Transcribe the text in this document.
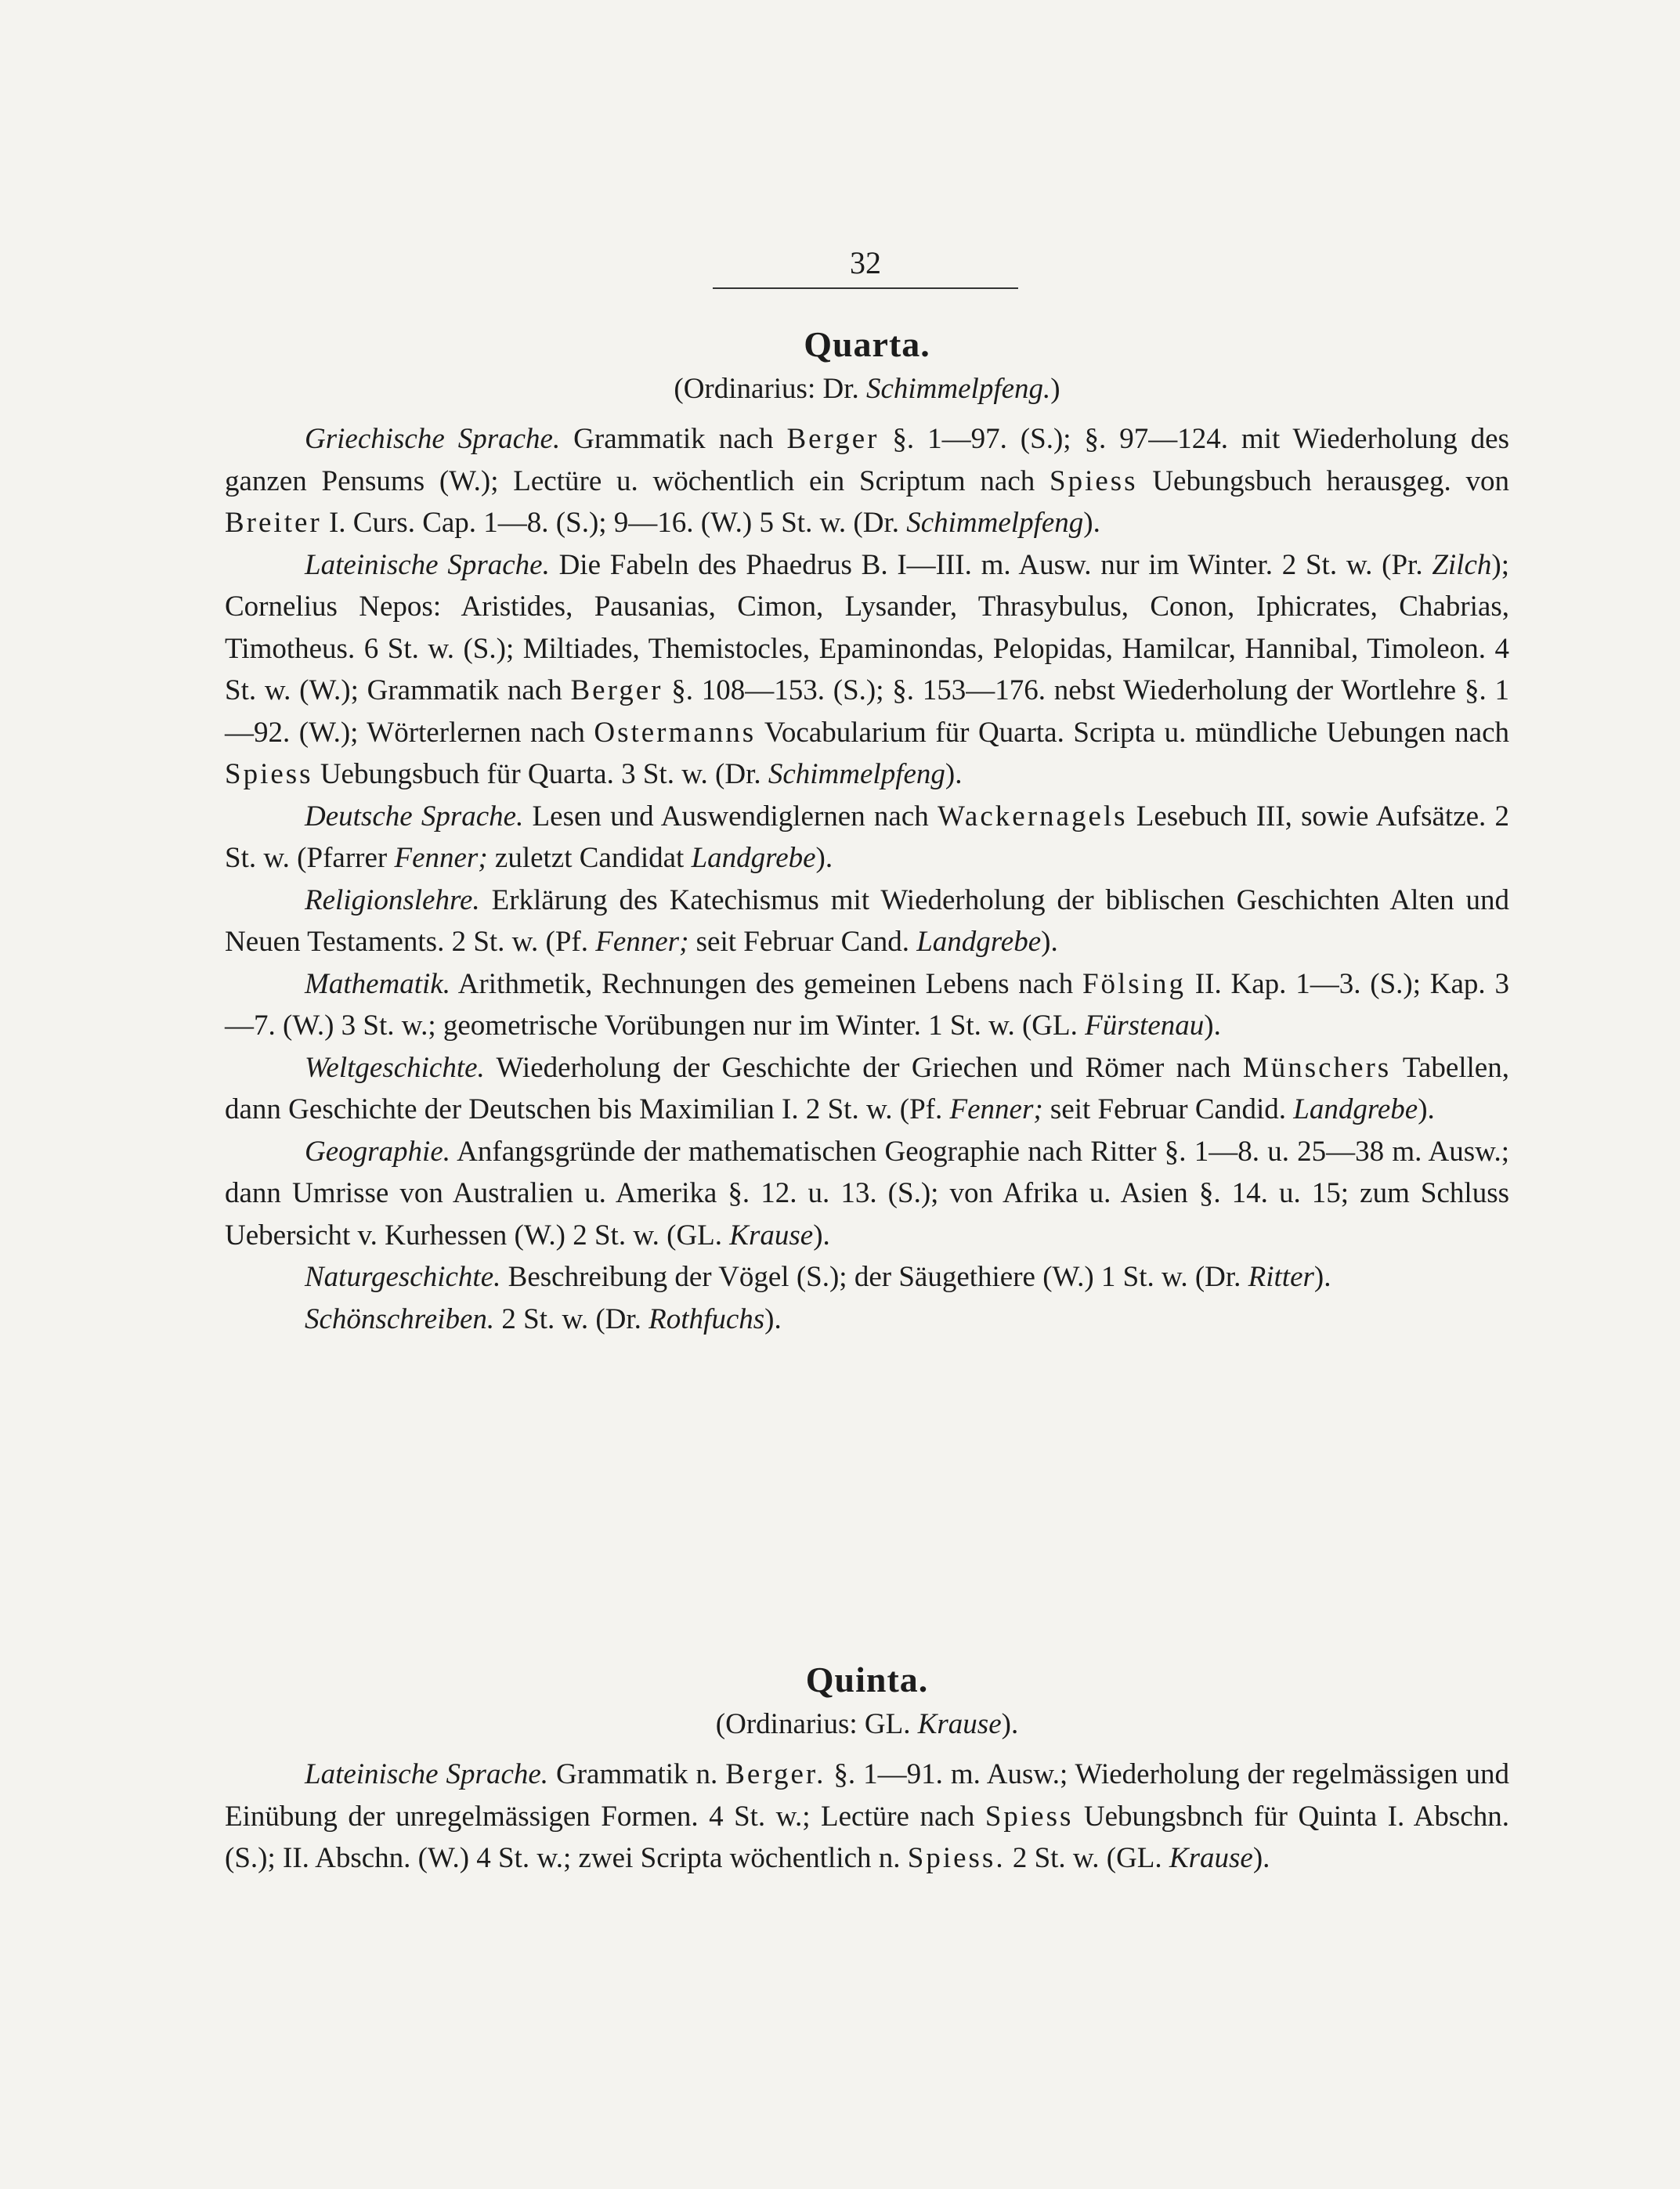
32
Quarta.

(Ordinarius: Dr. Schimmelpfeng.)

Griechische Sprache. Grammatik nach Berger §. 1—97. (S.); §. 97—124. mit Wiederholung des ganzen Pensums (W.); Lectüre u. wöchentlich ein Scriptum nach Spiess Uebungsbuch herausgeg. von Breiter I. Curs. Cap. 1—8. (S.); 9—16. (W.) 5 St. w. (Dr. Schimmelpfeng).

Lateinische Sprache. Die Fabeln des Phaedrus B. I—III. m. Ausw. nur im Winter. 2 St. w. (Pr. Zilch); Cornelius Nepos: Aristides, Pausanias, Cimon, Lysander, Thrasybulus, Conon, Iphicrates, Chabrias, Timotheus. 6 St. w. (S.); Miltiades, Themistocles, Epaminondas, Pelopidas, Hamilcar, Hannibal, Timoleon. 4 St. w. (W.); Grammatik nach Berger §. 108—153. (S.); §. 153—176. nebst Wiederholung der Wortlehre §. 1—92. (W.); Wörterlernen nach Ostermanns Vocabularium für Quarta. Scripta u. mündliche Uebungen nach Spiess Uebungsbuch für Quarta. 3 St. w. (Dr. Schimmelpfeng).

Deutsche Sprache. Lesen und Auswendiglernen nach Wackernagels Lesebuch III, sowie Aufsätze. 2 St. w. (Pfarrer Fenner; zuletzt Candidat Landgrebe).

Religionslehre. Erklärung des Katechismus mit Wiederholung der biblischen Geschichten Alten und Neuen Testaments. 2 St. w. (Pf. Fenner; seit Februar Cand. Landgrebe).

Mathematik. Arithmetik, Rechnungen des gemeinen Lebens nach Fölsing II. Kap. 1—3. (S.); Kap. 3—7. (W.) 3 St. w.; geometrische Vorübungen nur im Winter. 1 St. w. (GL. Fürstenau).

Weltgeschichte. Wiederholung der Geschichte der Griechen und Römer nach Münschers Tabellen, dann Geschichte der Deutschen bis Maximilian I. 2 St. w. (Pf. Fenner; seit Februar Candid. Landgrebe).

Geographie. Anfangsgründe der mathematischen Geographie nach Ritter §. 1—8. u. 25—38 m. Ausw.; dann Umrisse von Australien u. Amerika §. 12. u. 13. (S.); von Afrika u. Asien §. 14. u. 15; zum Schluss Uebersicht v. Kurhessen (W.) 2 St. w. (GL. Krause).

Naturgeschichte. Beschreibung der Vögel (S.); der Säugethiere (W.) 1 St. w. (Dr. Ritter).

Schönschreiben. 2 St. w. (Dr. Rothfuchs).

Quinta.

(Ordinarius: GL. Krause).

Lateinische Sprache. Grammatik n. Berger. §. 1—91. m. Ausw.; Wiederholung der regelmässigen und Einübung der unregelmässigen Formen. 4 St. w.; Lectüre nach Spiess Uebungsbnch für Quinta I. Abschn. (S.); II. Abschn. (W.) 4 St. w.; zwei Scripta wöchentlich n. Spiess. 2 St. w. (GL. Krause).
